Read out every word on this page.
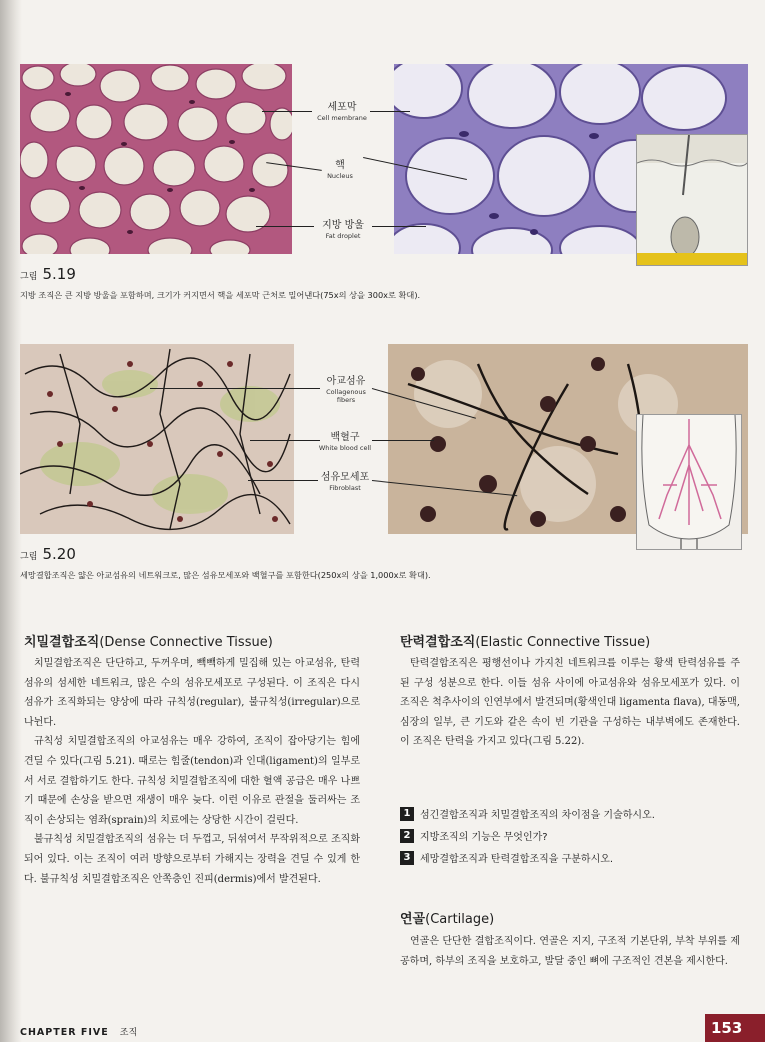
세포막
Cell membrane
핵
Nucleus
지방 방울
Fat droplet
그림 5.19
지방 조직은 큰 지방 방울을 포함하며, 크기가 커지면서 핵을 세포막 근처로 밀어낸다(75x의 상을 300x로 확대).
아교섬유
Collagenous fibers
백혈구
White blood cell
섬유모세포
Fibroblast
그림 5.20
세망결합조직은 얇은 아교섬유의 네트워크로, 많은 섬유모세포와 백혈구를 포함한다(250x의 상을 1,000x로 확대).
치밀결합조직(Dense Connective Tissue)

치밀결합조직은 단단하고, 두꺼우며, 빽빽하게 밀집해 있는 아교섬유, 탄력섬유의 섬세한 네트워크, 많은 수의 섬유모세포로 구성된다. 이 조직은 다시 섬유가 조직화되는 양상에 따라 규칙성(regular), 불규칙성(irregular)으로 나뉜다.

규칙성 치밀결합조직의 아교섬유는 매우 강하여, 조직이 잡아당기는 힘에 견딜 수 있다(그림 5.21). 때로는 힘줄(tendon)과 인대(ligament)의 일부로서 서로 결합하기도 한다. 규칙성 치밀결합조직에 대한 혈액 공급은 매우 나쁘기 때문에 손상을 받으면 재생이 매우 늦다. 이런 이유로 관절을 둘러싸는 조직이 손상되는 염좌(sprain)의 치료에는 상당한 시간이 걸린다.

불규칙성 치밀결합조직의 섬유는 더 두껍고, 뒤섞여서 무작위적으로 조직화되어 있다. 이는 조직이 여러 방향으로부터 가해지는 장력을 견딜 수 있게 한다. 불규칙성 치밀결합조직은 안쪽층인 진피(dermis)에서 발견된다.

탄력결합조직(Elastic Connective Tissue)

탄력결합조직은 평행선이나 가지친 네트워크를 이루는 황색 탄력섬유를 주된 구성 성분으로 한다. 이들 섬유 사이에 아교섬유와 섬유모세포가 있다. 이 조직은 척추사이의 인연부에서 발견되며(황색인대 ligamenta flava), 대동맥, 심장의 일부, 큰 기도와 같은 속이 빈 기관을 구성하는 내부벽에도 존재한다. 이 조직은 탄력을 가지고 있다(그림 5.22).

1 섬긴결합조직과 치밀결합조직의 차이점을 기술하시오.
2 지방조직의 기능은 무엇인가?
3 세망결합조직과 탄력결합조직을 구분하시오.
연골(Cartilage)

연골은 단단한 결합조직이다. 연골은 지지, 구조적 기본단위, 부착 부위를 제공하며, 하부의 조직을 보호하고, 발달 중인 뼈에 구조적인 견본을 제시한다.

CHAPTER FIVE 조직	153
